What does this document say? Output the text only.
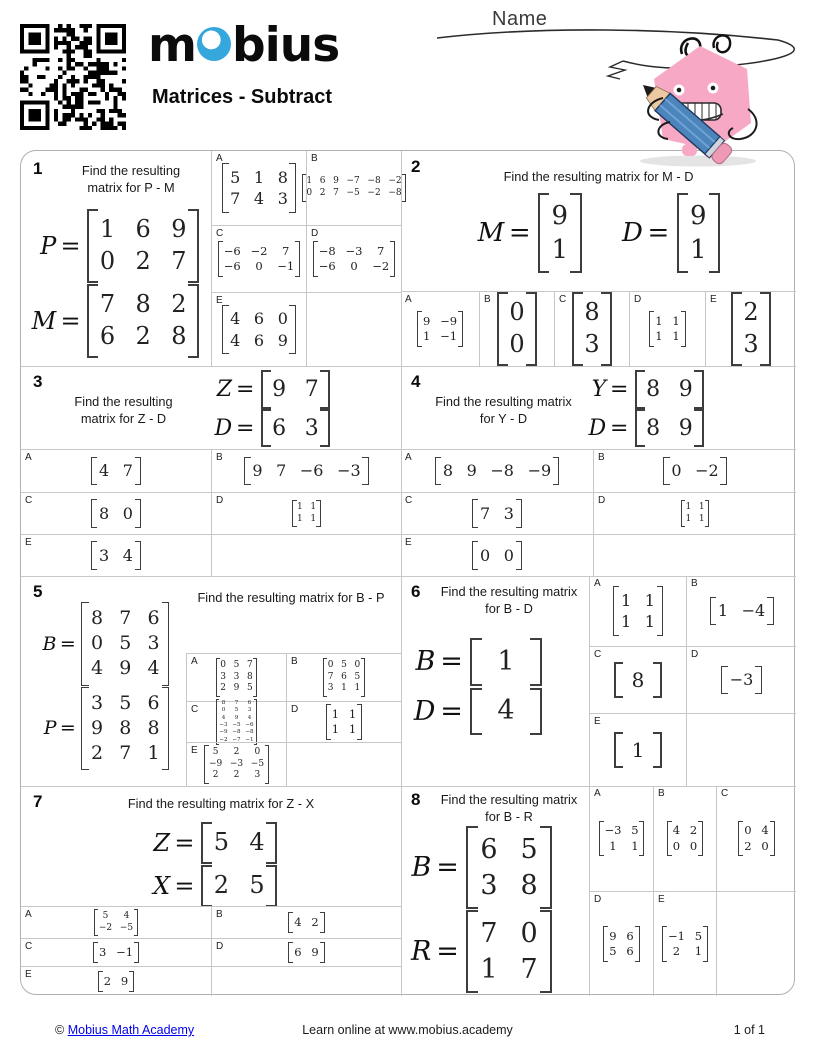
m bius
Matrices - Subtract
Name
1	Find the resulting matrix for P - M
P =
1 6 9
0 2 7
M =
7 8 2
6 2 8
A
5 1 8
7 4 3
B
1 6 9 −7 −8 −2
0 2 7 −5 −2 −8
C
−6 −2	7
−6	0	−1
D
−8 −3	7
−6	0	−2
E
4 6 0
4 6 9
2
Find the resulting matrix for M - D
M =
9
1
D =
9
1
A
9 −9
1 −1
B 0
0
C 8
3
D
1 1
1 1
E 2
3
3
Find the resulting matrix for Z - D
Z = 9 7
D = 6 3
A
4 7
B
9 7 −6 −3
C
8 0
D
1 1
1 1
E
3 4
4
Find the resulting matrix for Y - D
Y = 8 9
D = 8 9
A
8 9 −8 −9
B
0 −2
C
7 3
D
1 1
1 1
E
0 0
5	Find the resulting matrix for B - P
B =
8 7 6
0 5 3
4 9 4
P =
3 5 6
9 8 8
2 7 1
A	0 5 7
3 3 8
2 9 5
B	0 5 0
7 6 5
3 1 1
C
8	7	6
0	5	3
4	9	4
−3 −5 −6
−9 −8 −8
−2 −7 −1
D	1 1
1 1
E	5	2	0
−9 −3 −5
2	2	3
6 Find the resulting matrix for B - D
B = 1
D = 4
A
1 1
1 1
B
1 −4
C
8
D
−3
E
1
7	Find the resulting matrix for Z - X
Z = 5 4
X = 2 5
A	5	4
−2 −5
B
4 2
C	3 −1	D	6 9
E	2 9
8 Find the resulting matrix for B - R
B =
6 5
3 8
R =
7 0
1 7
A
−3 5
1	1
B
4 2
0 0
C
0 4
2 0
D
9 6
5 6
E
−1 5
2	1
© Mobius Math Academy	Learn online at www.mobius.academy	1 of 1
